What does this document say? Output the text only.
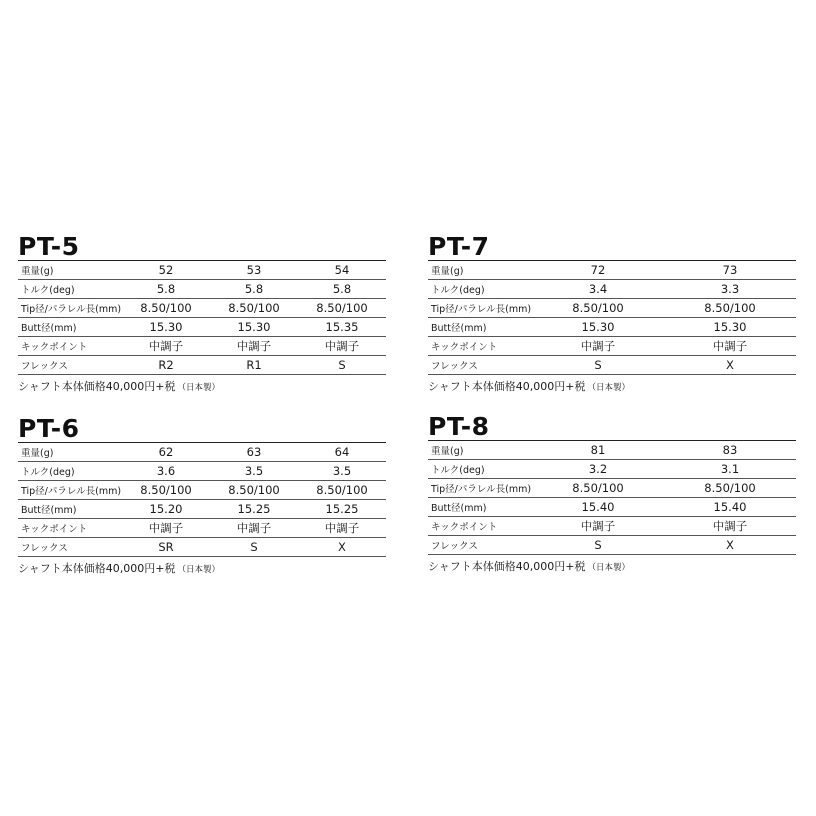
PT-5
重量(g)	52	53	54
トルク(deg)	5.8	5.8	5.8
Tip径/パラレル長(mm)	8.50/100	8.50/100	8.50/100
Butt径(mm)	15.30	15.30	15.35
キックポイント	中調子	中調子	中調子
フレックス	R2	R1	S
シャフト本体価格40,000円+税 （日本製）
PT-6
重量(g)	62	63	64
トルク(deg)	3.6	3.5	3.5
Tip径/パラレル長(mm)	8.50/100	8.50/100	8.50/100
Butt径(mm)	15.20	15.25	15.25
キックポイント	中調子	中調子	中調子
フレックス	SR	S	X
シャフト本体価格40,000円+税 （日本製）
PT-7
重量(g)	72	73
トルク(deg)	3.4	3.3
Tip径/パラレル長(mm)	8.50/100	8.50/100
Butt径(mm)	15.30	15.30
キックポイント	中調子	中調子
フレックス	S	X
シャフト本体価格40,000円+税 （日本製）
PT-8
重量(g)	81	83
トルク(deg)	3.2	3.1
Tip径/パラレル長(mm)	8.50/100	8.50/100
Butt径(mm)	15.40	15.40
キックポイント	中調子	中調子
フレックス	S	X
シャフト本体価格40,000円+税 （日本製）
